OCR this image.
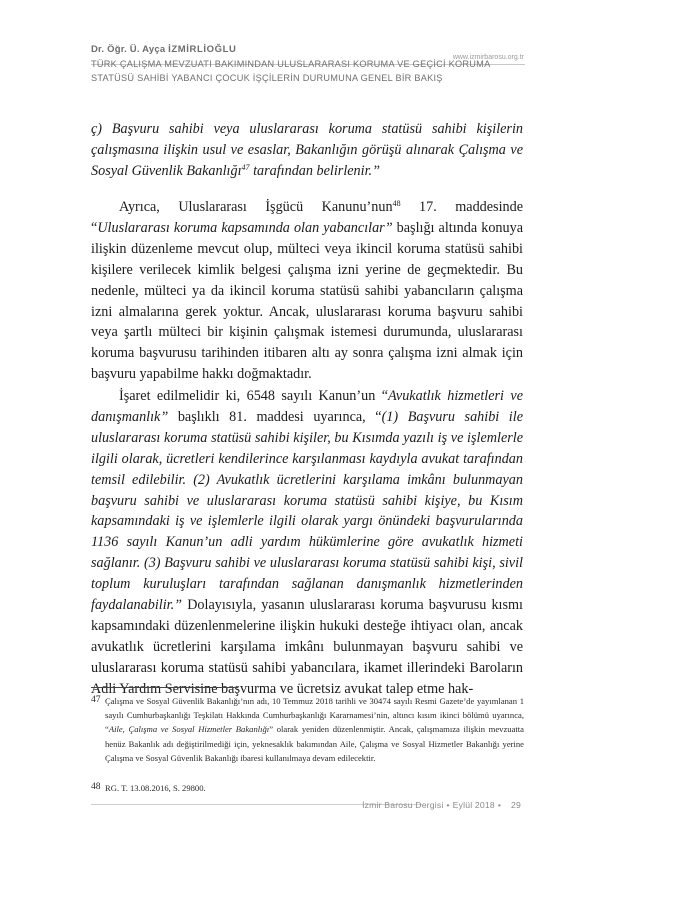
Dr. Öğr. Ü. Ayça İZMİRLİOĞLU
www.izmirbarosu.org.tr
TÜRK ÇALIŞMA MEVZUATI BAKIMINDAN ULUSLARARASI KORUMA VE GEÇİCİ KORUMA STATÜSÜ SAHİBİ YABANCI ÇOCUK İŞÇİLERİN DURUMUNA GENEL BİR BAKIŞ

ç) Başvuru sahibi veya uluslararası koruma statüsü sahibi kişilerin çalışmasına ilişkin usul ve esaslar, Bakanlığın görüşü alınarak Çalışma ve Sosyal Güvenlik Bakanlığı$^{47}$ tarafından belirlenir.”

Ayrıca, Uluslararası İşgücü Kanunu’nun$^{48}$ 17. maddesinde “Uluslararası koruma kapsamında olan yabancılar” başlığı altında konuya ilişkin düzenleme mevcut olup, mülteci veya ikincil koruma statüsü sahibi kişilere verilecek kimlik belgesi çalışma izni yerine de geçmektedir. Bu nedenle, mülteci ya da ikincil koruma statüsü sahibi yabancıların çalışma izni almalarına gerek yoktur. Ancak, uluslararası koruma başvuru sahibi veya şartlı mülteci bir kişinin çalışmak istemesi durumunda, uluslararası koruma başvurusu tarihinden itibaren altı ay sonra çalışma izni almak için başvuru yapabilme hakkı doğmaktadır.

İşaret edilmelidir ki, 6548 sayılı Kanun’un “Avukatlık hizmetleri ve danışmanlık” başlıklı 81. maddesi uyarınca, “(1) Başvuru sahibi ile uluslararası koruma statüsü sahibi kişiler, bu Kısımda yazılı iş ve işlemlerle ilgili olarak, ücretleri kendilerince karşılanması kaydıyla avukat tarafından temsil edilebilir. (2) Avukatlık ücretlerini karşılama imkânı bulunmayan başvuru sahibi ve uluslararası koruma statüsü sahibi kişiye, bu Kısım kapsamındaki iş ve işlemlerle ilgili olarak yargı önündeki başvurularında 1136 sayılı Kanun’un adli yardım hükümlerine göre avukatlık hizmeti sağlanır. (3) Başvuru sahibi ve uluslararası koruma statüsü sahibi kişi, sivil toplum kuruluşları tarafından sağlanan danışmanlık hizmetlerinden faydalanabilir.” Dolayısıyla, yasanın uluslararası koruma başvurusu kısmı kapsamındaki düzenlenmelerine ilişkin hukuki desteğe ihtiyacı olan, ancak avukatlık ücretlerini karşılama imkânı bulunmayan başvuru sahibi ve uluslararası koruma statüsü sahibi yabancılara, ikamet illerindeki Baroların Adli Yardım Servisine başvurma ve ücretsiz avukat talep etme hak-

47 Çalışma ve Sosyal Güvenlik Bakanlığı’nın adı, 10 Temmuz 2018 tarihli ve 30474 sayılı Resmi Gazete’de yayımlanan 1 sayılı Cumhurbaşkanlığı Teşkilatı Hakkında Cumhurbaşkanlığı Kararnamesi’nin, altıncı kısım ikinci bölümü uyarınca, “Aile, Çalışma ve Sosyal Hizmetler Bakanlığı” olarak yeniden düzenlenmiştir. Ancak, çalışmamıza ilişkin mevzuatta henüz Bakanlık adı değiştirilmediği için, yeknesaklık bakımından Aile, Çalışma ve Sosyal Hizmetler Bakanlığı yerine Çalışma ve Sosyal Güvenlik Bakanlığı ibaresi kullanılmaya devam edilecektir.
48 RG. T. 13.08.2016, S. 29800.
İzmir Barosu Dergisi • Eylül 2018 • 29
